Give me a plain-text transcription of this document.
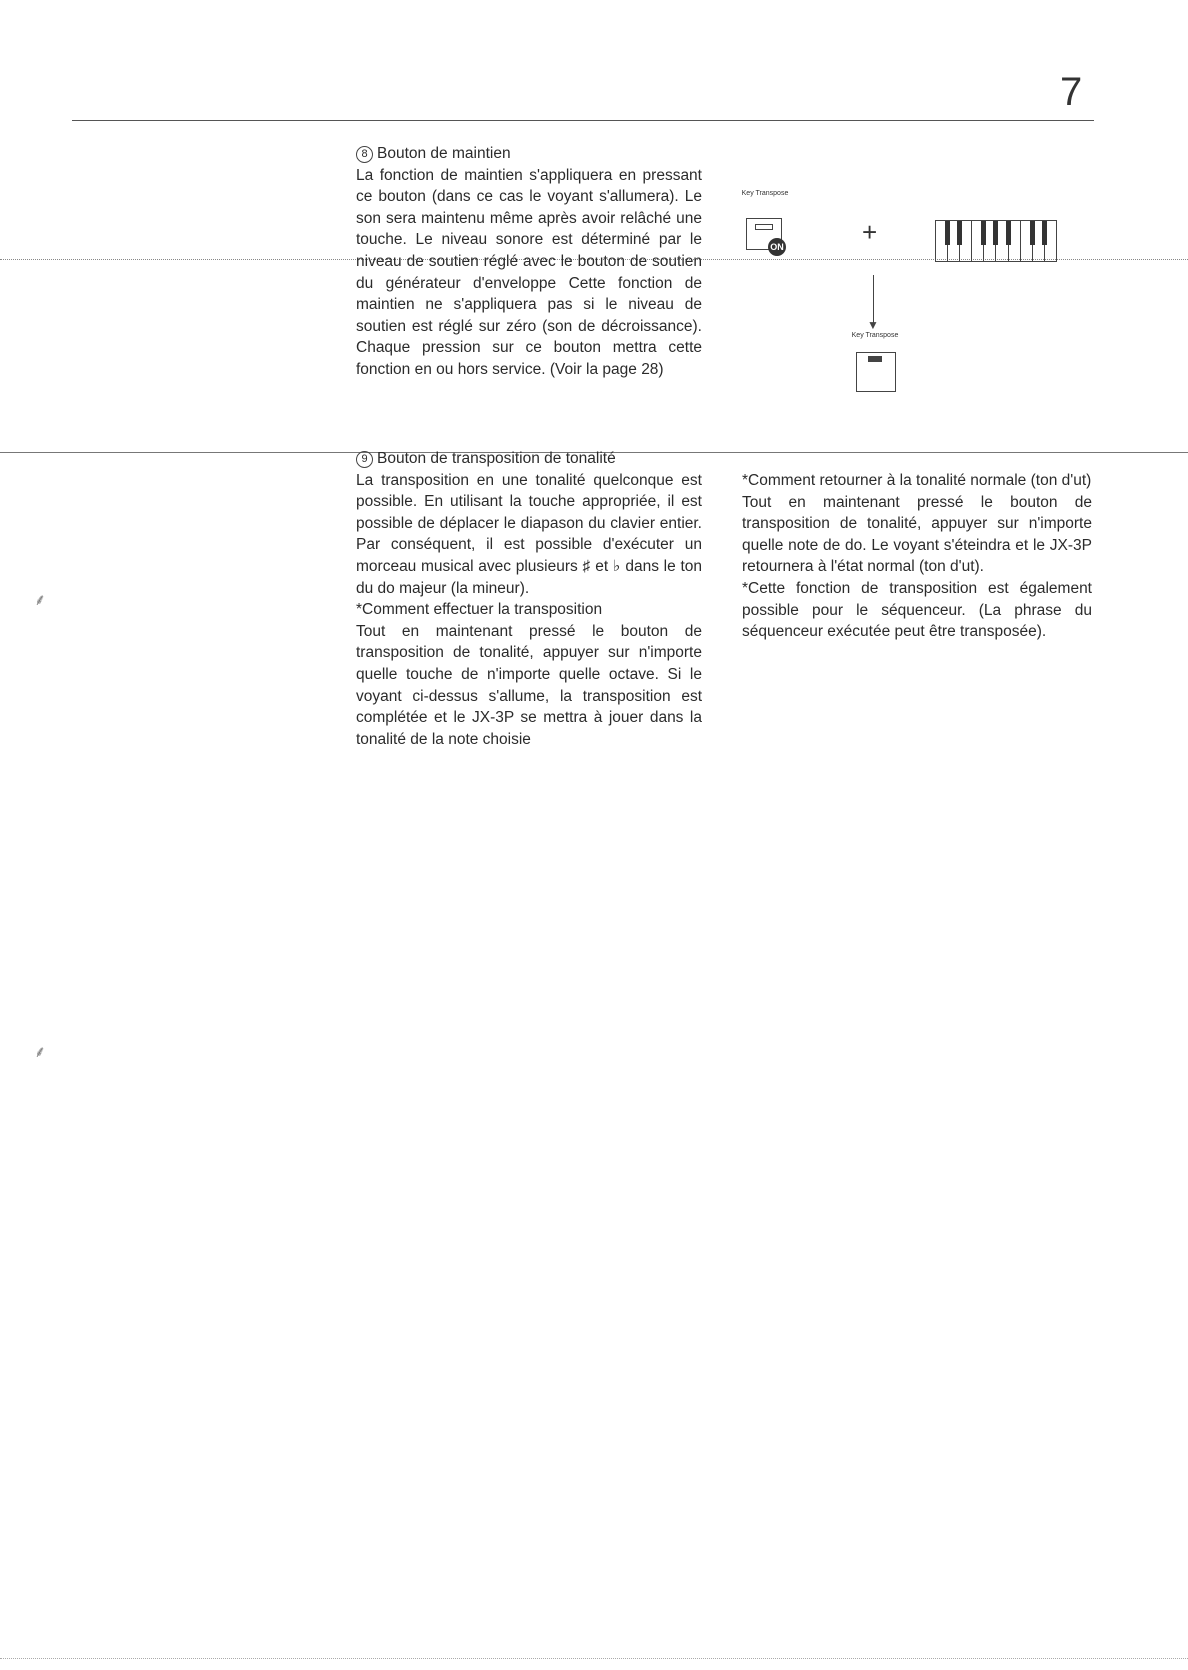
7

8 Bouton de maintien

La fonction de maintien s'appliquera en pressant ce bouton (dans ce cas le voyant s'allumera). Le son sera maintenu même après avoir relâché une touche. Le niveau sonore est déterminé par le niveau de soutien réglé avec le bouton de soutien du générateur d'enveloppe Cette fonction de maintien ne s'appliquera pas si le niveau de soutien est réglé sur zéro (son de décroissance). Chaque pression sur ce bouton mettra cette fonction en ou hors service. (Voir la page 28)

Key Transpose
ON	+
▼
Key Transpose

9 Bouton de transposition de tonalité

La transposition en une tonalité quelconque est possible. En utilisant la touche appropriée, il est possible de déplacer le diapason du clavier entier. Par conséquent, il est possible d'exécuter un morceau musical avec plusieurs ♯ et ♭ dans le ton du do majeur (la mineur).

*Comment effectuer la transposition

Tout en maintenant pressé le bouton de transposition de tonalité, appuyer sur n'importe quelle touche de n'importe quelle octave. Si le voyant ci-dessus s'allume, la transposition est complétée et le JX-3P se mettra à jouer dans la tonalité de la note choisie

*Comment retourner à la tonalité normale (ton d'ut)

Tout en maintenant pressé le bouton de transposition de tonalité, appuyer sur n'importe quelle note de do. Le voyant s'éteindra et le JX-3P retournera à l'état normal (ton d'ut).

*Cette fonction de transposition est également possible pour le séquenceur. (La phrase du séquenceur exécutée peut être transposée).

⸙
⸙
